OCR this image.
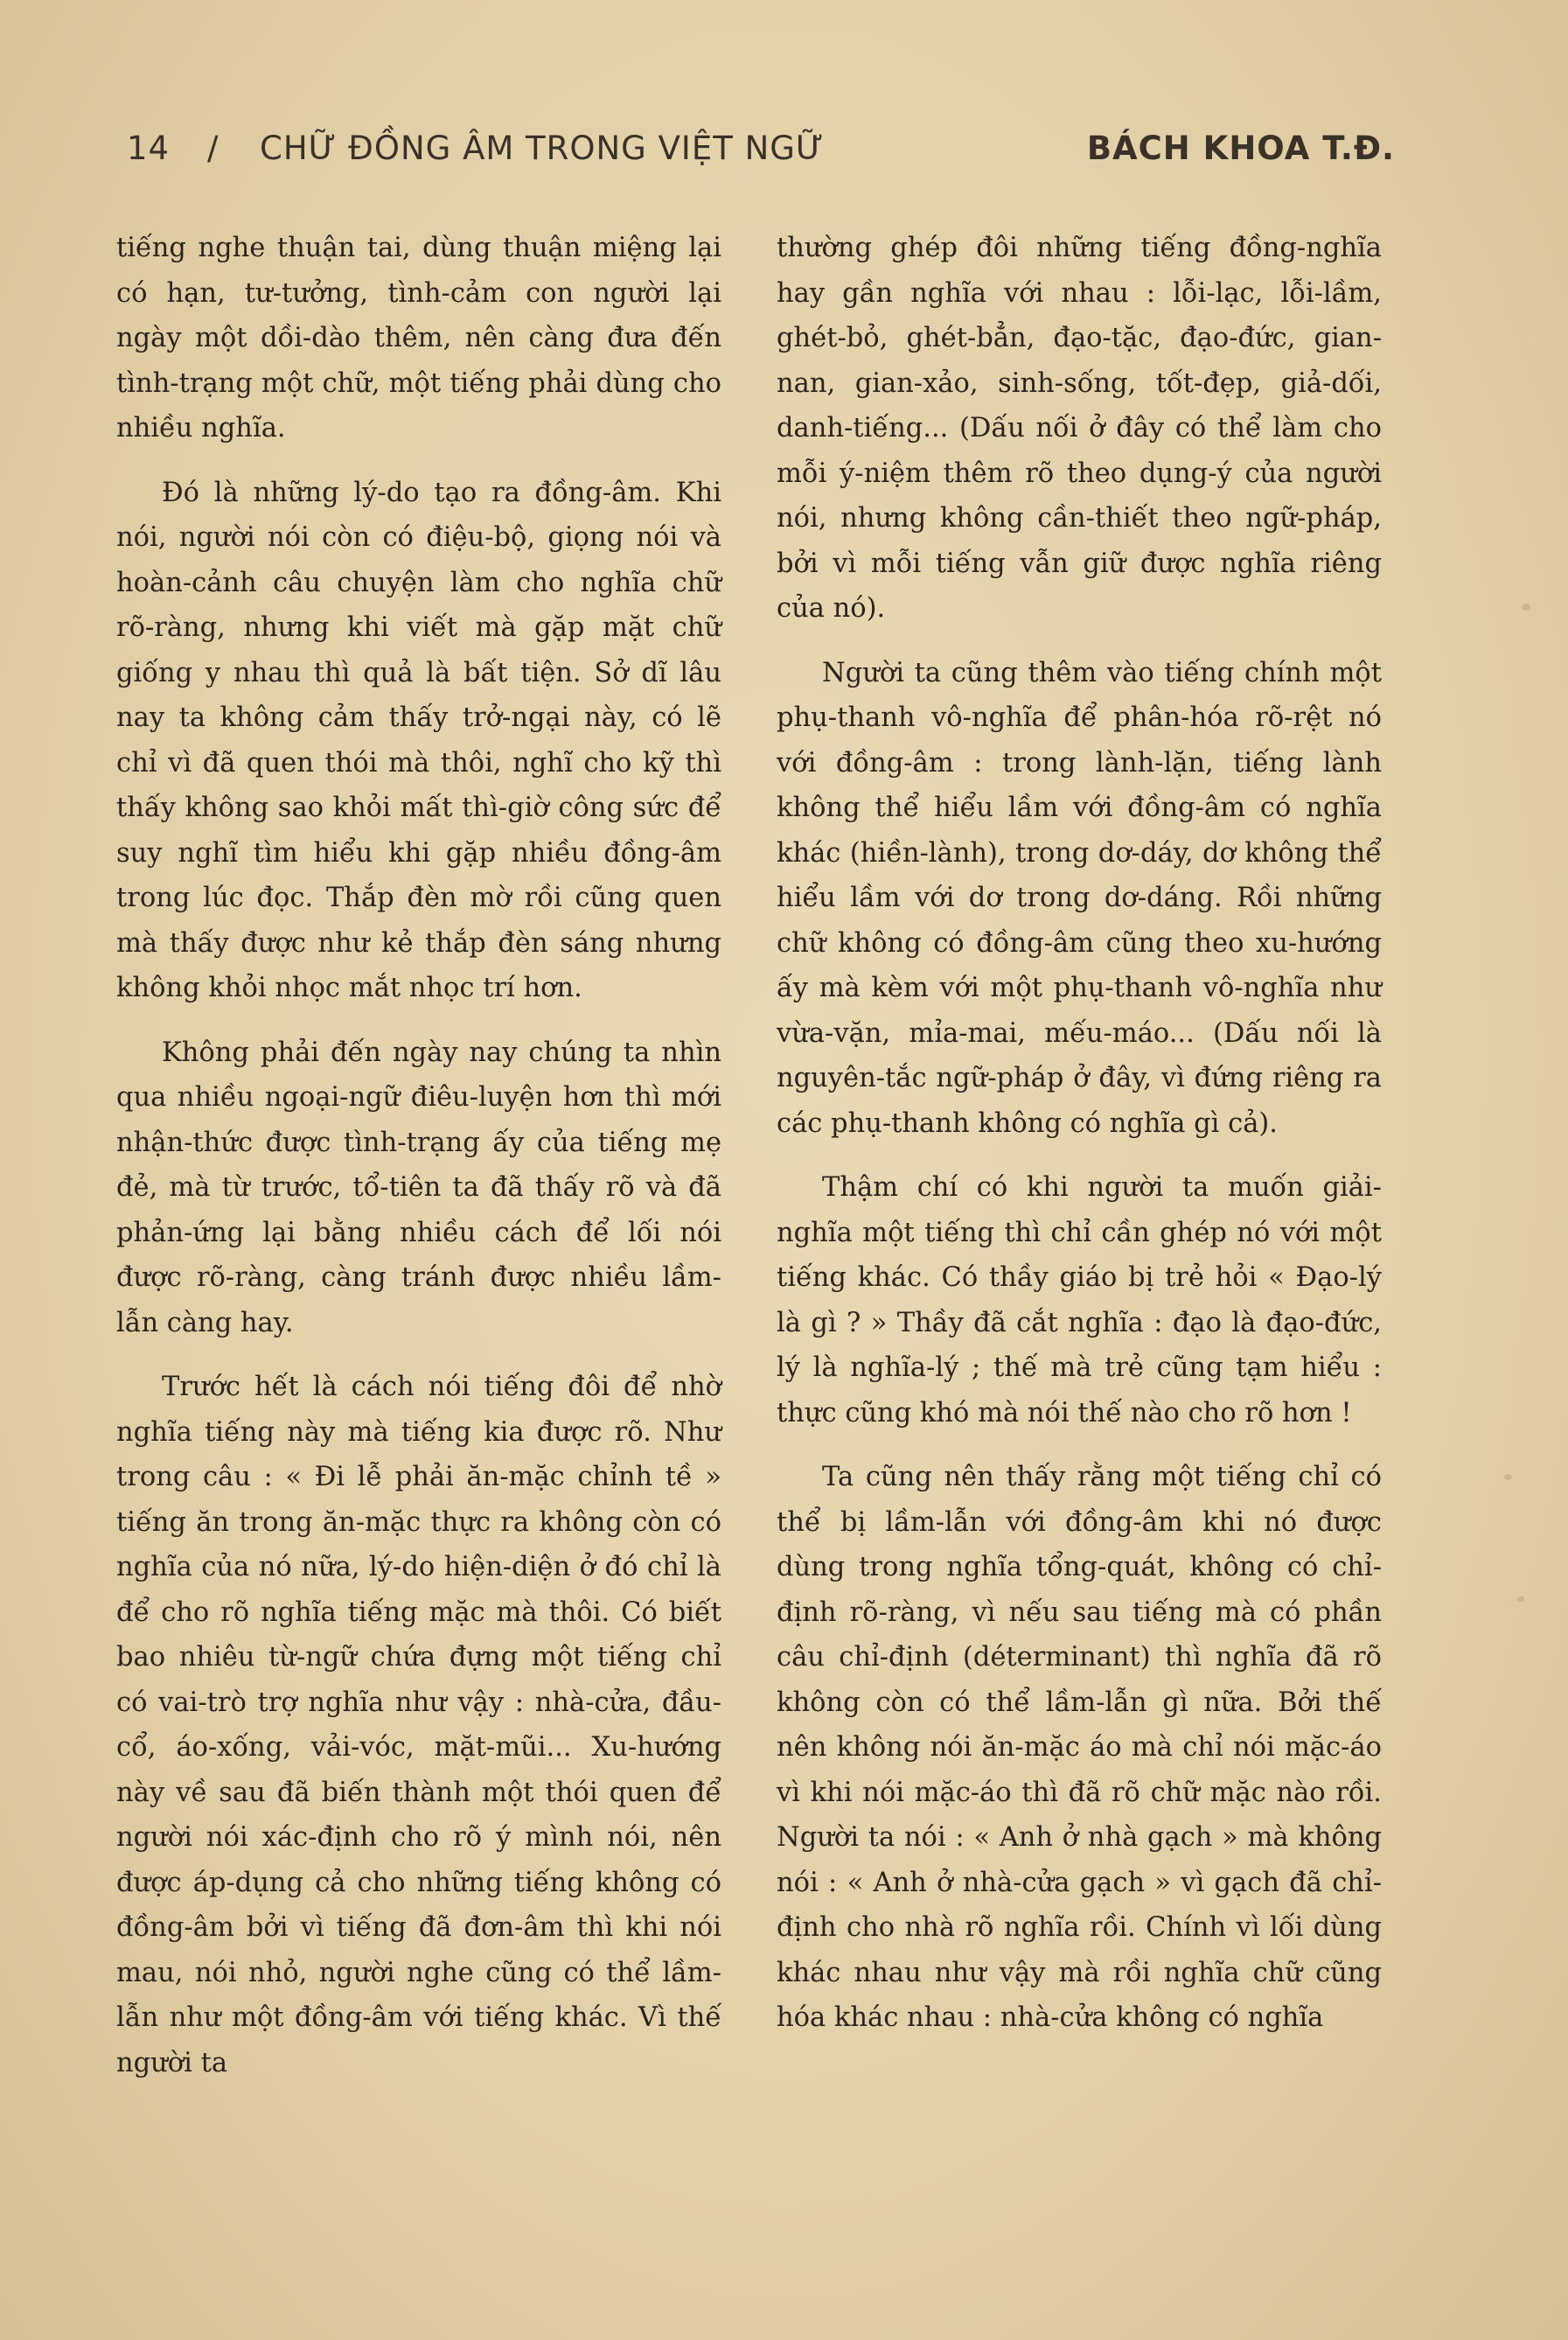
14 / CHỮ ĐỒNG ÂM TRONG VIỆT NGỮ	BÁCH KHOA T.Đ.

tiếng nghe thuận tai, dùng thuận miệng lại có hạn, tư-tưởng, tình-cảm con người lại ngày một dồi-dào thêm, nên càng đưa đến tình-trạng một chữ, một tiếng phải dùng cho nhiều nghĩa.

Đó là những lý-do tạo ra đồng-âm. Khi nói, người nói còn có điệu-bộ, giọng nói và hoàn-cảnh câu chuyện làm cho nghĩa chữ rõ-ràng, nhưng khi viết mà gặp mặt chữ giống y nhau thì quả là bất tiện. Sở dĩ lâu nay ta không cảm thấy trở-ngại này, có lẽ chỉ vì đã quen thói mà thôi, nghĩ cho kỹ thì thấy không sao khỏi mất thì-giờ công sức để suy nghĩ tìm hiểu khi gặp nhiều đồng-âm trong lúc đọc. Thắp đèn mờ rồi cũng quen mà thấy được như kẻ thắp đèn sáng nhưng không khỏi nhọc mắt nhọc trí hơn.

Không phải đến ngày nay chúng ta nhìn qua nhiều ngoại-ngữ điêu-luyện hơn thì mới nhận-thức được tình-trạng ấy của tiếng mẹ đẻ, mà từ trước, tổ-tiên ta đã thấy rõ và đã phản-ứng lại bằng nhiều cách để lối nói được rõ-ràng, càng tránh được nhiều lầm-lẫn càng hay.

Trước hết là cách nói tiếng đôi để nhờ nghĩa tiếng này mà tiếng kia được rõ. Như trong câu : « Đi lễ phải ăn-mặc chỉnh tề » tiếng ăn trong ăn-mặc thực ra không còn có nghĩa của nó nữa, lý-do hiện-diện ở đó chỉ là để cho rõ nghĩa tiếng mặc mà thôi. Có biết bao nhiêu từ-ngữ chứa đựng một tiếng chỉ có vai-trò trợ nghĩa như vậy : nhà-cửa, đầu-cổ, áo-xống, vải-vóc, mặt-mũi... Xu-hướng này về sau đã biến thành một thói quen để người nói xác-định cho rõ ý mình nói, nên được áp-dụng cả cho những tiếng không có đồng-âm bởi vì tiếng đã đơn-âm thì khi nói mau, nói nhỏ, người nghe cũng có thể lầm-lẫn như một đồng-âm với tiếng khác. Vì thế người ta

thường ghép đôi những tiếng đồng-nghĩa hay gần nghĩa với nhau : lỗi-lạc, lỗi-lầm, ghét-bỏ, ghét-bẳn, đạo-tặc, đạo-đức, gian-nan, gian-xảo, sinh-sống, tốt-đẹp, giả-dối, danh-tiếng... (Dấu nối ở đây có thể làm cho mỗi ý-niệm thêm rõ theo dụng-ý của người nói, nhưng không cần-thiết theo ngữ-pháp, bởi vì mỗi tiếng vẫn giữ được nghĩa riêng của nó).

Người ta cũng thêm vào tiếng chính một phụ-thanh vô-nghĩa để phân-hóa rõ-rệt nó với đồng-âm : trong lành-lặn, tiếng lành không thể hiểu lầm với đồng-âm có nghĩa khác (hiền-lành), trong dơ-dáy, dơ không thể hiểu lầm với dơ trong dơ-dáng. Rồi những chữ không có đồng-âm cũng theo xu-hướng ấy mà kèm với một phụ-thanh vô-nghĩa như vừa-vặn, mỉa-mai, mếu-máo... (Dấu nối là nguyên-tắc ngữ-pháp ở đây, vì đứng riêng ra các phụ-thanh không có nghĩa gì cả).

Thậm chí có khi người ta muốn giải-nghĩa một tiếng thì chỉ cần ghép nó với một tiếng khác. Có thầy giáo bị trẻ hỏi « Đạo-lý là gì ? » Thầy đã cắt nghĩa : đạo là đạo-đức, lý là nghĩa-lý ; thế mà trẻ cũng tạm hiểu : thực cũng khó mà nói thế nào cho rõ hơn !

Ta cũng nên thấy rằng một tiếng chỉ có thể bị lầm-lẫn với đồng-âm khi nó được dùng trong nghĩa tổng-quát, không có chỉ-định rõ-ràng, vì nếu sau tiếng mà có phần câu chỉ-định (déterminant) thì nghĩa đã rõ không còn có thể lầm-lẫn gì nữa. Bởi thế nên không nói ăn-mặc áo mà chỉ nói mặc-áo vì khi nói mặc-áo thì đã rõ chữ mặc nào rồi. Người ta nói : « Anh ở nhà gạch » mà không nói : « Anh ở nhà-cửa gạch » vì gạch đã chỉ-định cho nhà rõ nghĩa rồi. Chính vì lối dùng khác nhau như vậy mà rồi nghĩa chữ cũng hóa khác nhau : nhà-cửa không có nghĩa
